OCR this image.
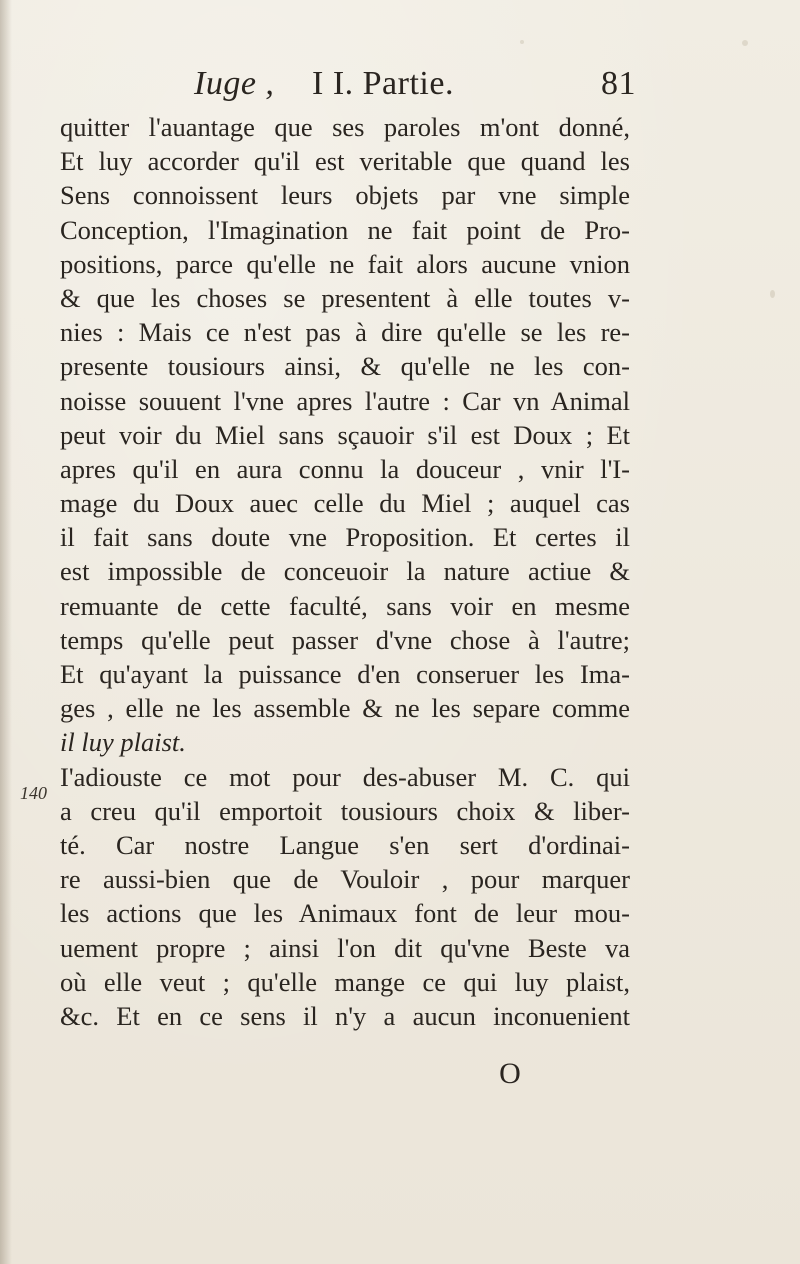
Iuge , I I. Partie.	81
140
quitter l'auantage que ses paroles m'ont donné,
Et luy accorder qu'il est veritable que quand les
Sens connoissent leurs objets par vne simple
Conception, l'Imagination ne fait point de Pro-
positions, parce qu'elle ne fait alors aucune vnion
& que les choses se presentent à elle toutes v-
nies : Mais ce n'est pas à dire qu'elle se les re-
presente tousiours ainsi, & qu'elle ne les con-
noisse souuent l'vne apres l'autre : Car vn Animal
peut voir du Miel sans sçauoir s'il est Doux ; Et
apres qu'il en aura connu la douceur , vnir l'I-
mage du Doux auec celle du Miel ; auquel cas
il fait sans doute vne Proposition. Et certes il
est impossible de conceuoir la nature actiue &
remuante de cette faculté, sans voir en mesme
temps qu'elle peut passer d'vne chose à l'autre;
Et qu'ayant la puissance d'en conseruer les Ima-
ges , elle ne les assemble & ne les separe comme
il luy plaist.
I'adiouste ce mot pour des-abuser M. C. qui
a creu qu'il emportoit tousiours choix & liber-
té. Car nostre Langue s'en sert d'ordinai-
re aussi-bien que de Vouloir , pour marquer
les actions que les Animaux font de leur mou-
uement propre ; ainsi l'on dit qu'vne Beste va
où elle veut ; qu'elle mange ce qui luy plaist,
&c. Et en ce sens il n'y a aucun inconuenient
O
